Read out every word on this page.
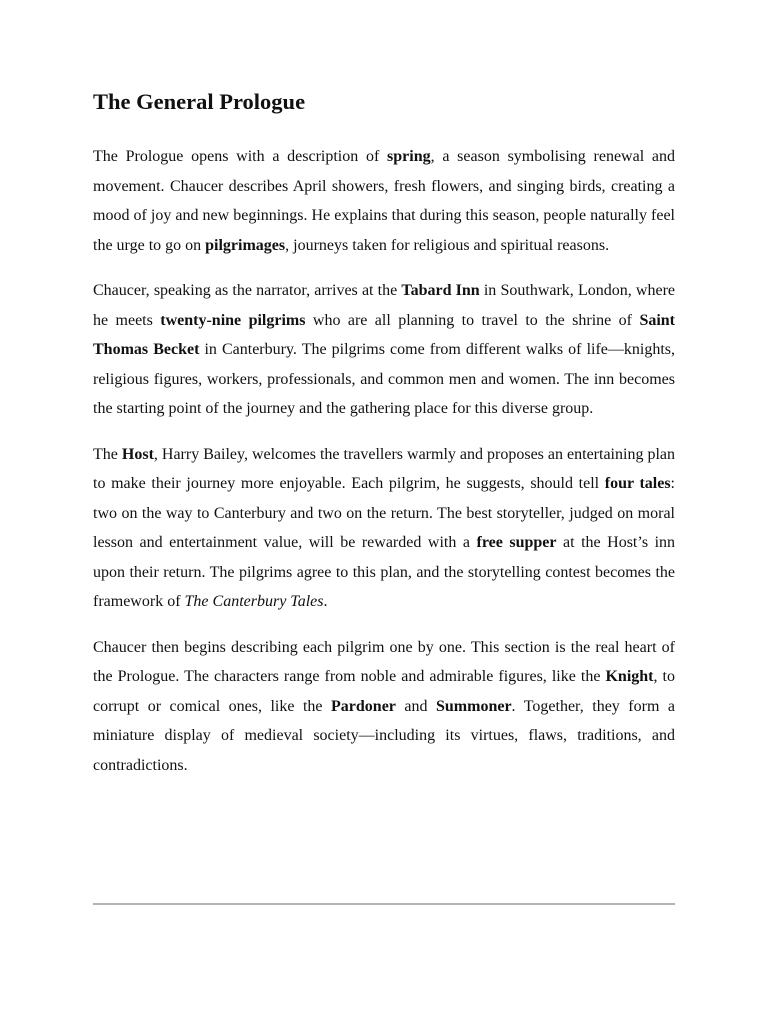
The General Prologue

The Prologue opens with a description of spring, a season symbolising renewal and movement. Chaucer describes April showers, fresh flowers, and singing birds, creating a mood of joy and new beginnings. He explains that during this season, people naturally feel the urge to go on pilgrimages, journeys taken for religious and spiritual reasons.

Chaucer, speaking as the narrator, arrives at the Tabard Inn in Southwark, London, where he meets twenty-nine pilgrims who are all planning to travel to the shrine of Saint Thomas Becket in Canterbury. The pilgrims come from different walks of life—knights, religious figures, workers, professionals, and common men and women. The inn becomes the starting point of the journey and the gathering place for this diverse group.

The Host, Harry Bailey, welcomes the travellers warmly and proposes an entertaining plan to make their journey more enjoyable. Each pilgrim, he suggests, should tell four tales: two on the way to Canterbury and two on the return. The best storyteller, judged on moral lesson and entertainment value, will be rewarded with a free supper at the Host’s inn upon their return. The pilgrims agree to this plan, and the storytelling contest becomes the framework of The Canterbury Tales.

Chaucer then begins describing each pilgrim one by one. This section is the real heart of the Prologue. The characters range from noble and admirable figures, like the Knight, to corrupt or comical ones, like the Pardoner and Summoner. Together, they form a miniature display of medieval society—including its virtues, flaws, traditions, and contradictions.
